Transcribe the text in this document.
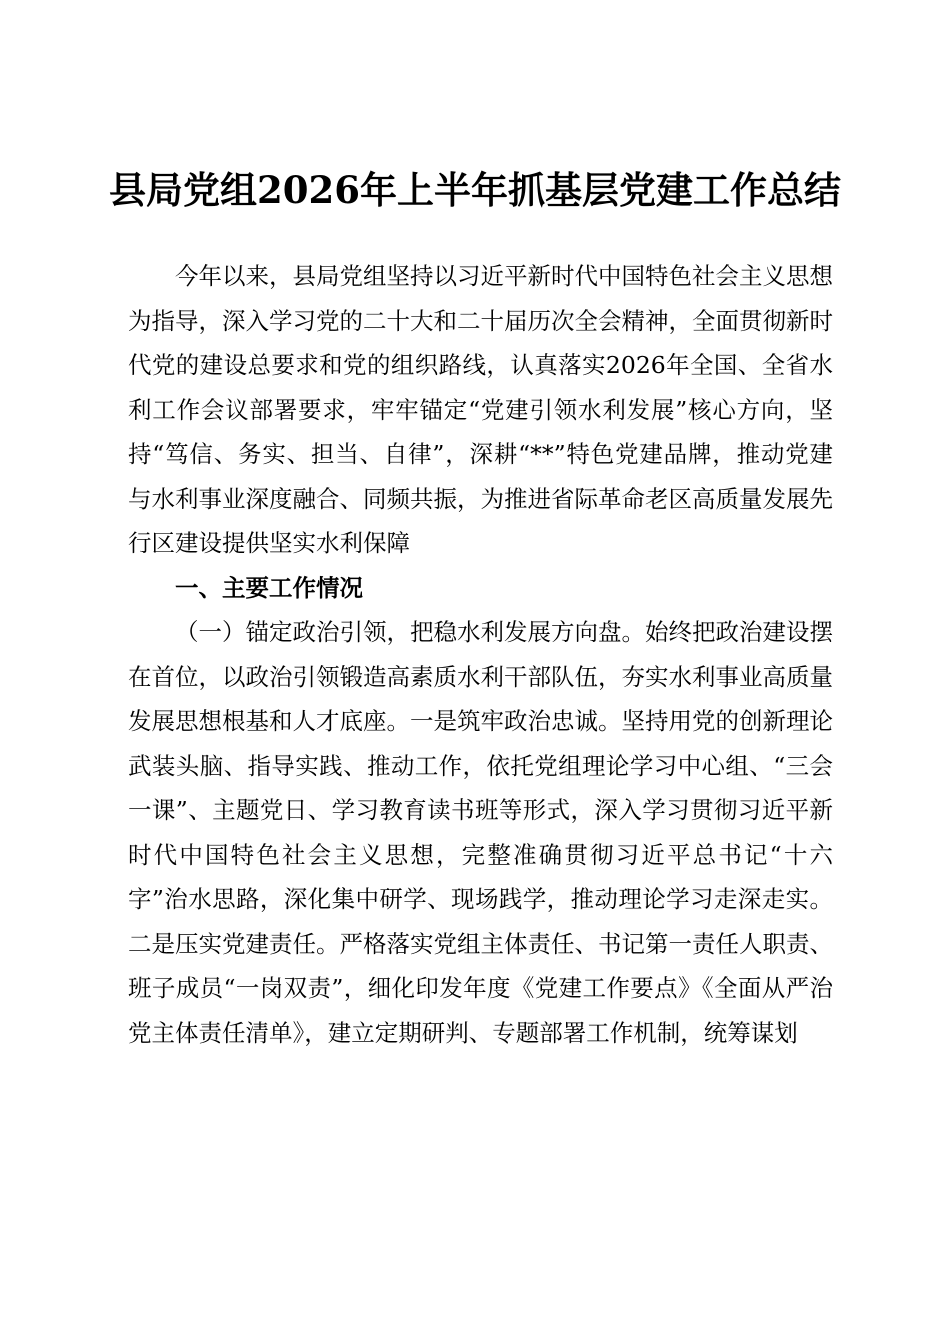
县局党组2026年上半年抓基层党建工作总结

今年以来，县局党组坚持以习近平新时代中国特色社会主义思想为指导，深入学习党的二十大和二十届历次全会精神，全面贯彻新时代党的建设总要求和党的组织路线，认真落实2026年全国、全省水利工作会议部署要求，牢牢锚定“党建引领水利发展”核心方向，坚持“笃信、务实、担当、自律”，深耕“**”特色党建品牌，推动党建与水利事业深度融合、同频共振，为推进省际革命老区高质量发展先行区建设提供坚实水利保障

一、主要工作情况

（一）锚定政治引领，把稳水利发展方向盘。始终把政治建设摆在首位，以政治引领锻造高素质水利干部队伍，夯实水利事业高质量发展思想根基和人才底座。一是筑牢政治忠诚。坚持用党的创新理论武装头脑、指导实践、推动工作，依托党组理论学习中心组、“三会一课”、主题党日、学习教育读书班等形式，深入学习贯彻习近平新时代中国特色社会主义思想，完整准确贯彻习近平总书记“十六字”治水思路，深化集中研学、现场践学，推动理论学习走深走实。二是压实党建责任。严格落实党组主体责任、书记第一责任人职责、班子成员“一岗双责”，细化印发年度《党建工作要点》《全面从严治党主体责任清单》，建立定期研判、专题部署工作机制，统筹谋划
